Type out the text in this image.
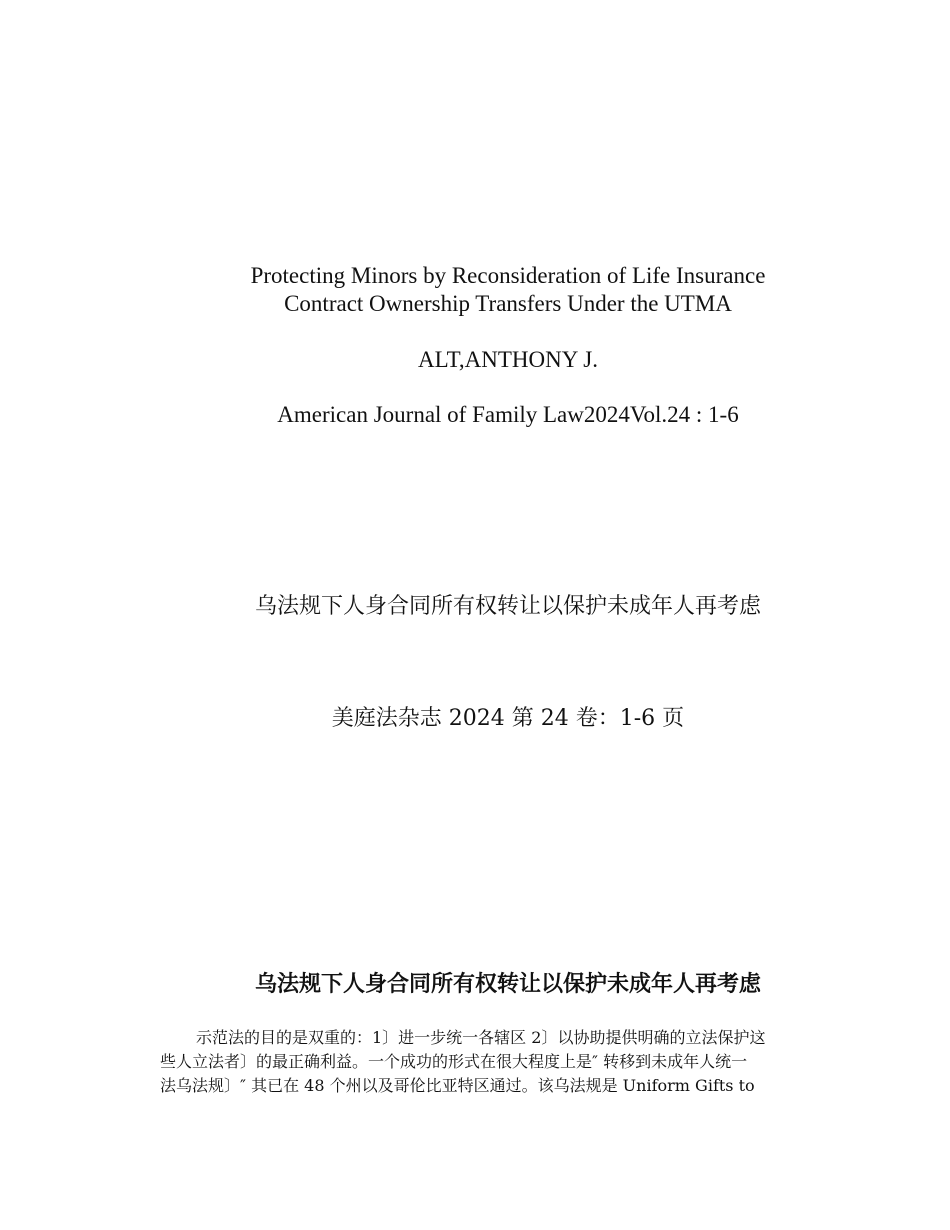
Protecting Minors by Reconsideration of Life Insurance
Contract Ownership Transfers Under the UTMA
ALT,ANTHONY J.
American Journal of Family Law2024Vol.24 : 1-6
乌法规下人身合同所有权转让以保护未成年人再考虑
美庭法杂志 2024 第 24 卷：1-6 页
乌法规下人身合同所有权转让以保护未成年人再考虑

示范法的目的是双重的：1〕进一步统一各辖区 2〕以协助提供明确的立法保护这
些人立法者〕的最正确利益。一个成功的形式在很大程度上是″ 转移到未成年人统一
法乌法规〕″ 其已在 48 个州以及哥伦比亚特区通过。该乌法规是 Uniform Gifts to
